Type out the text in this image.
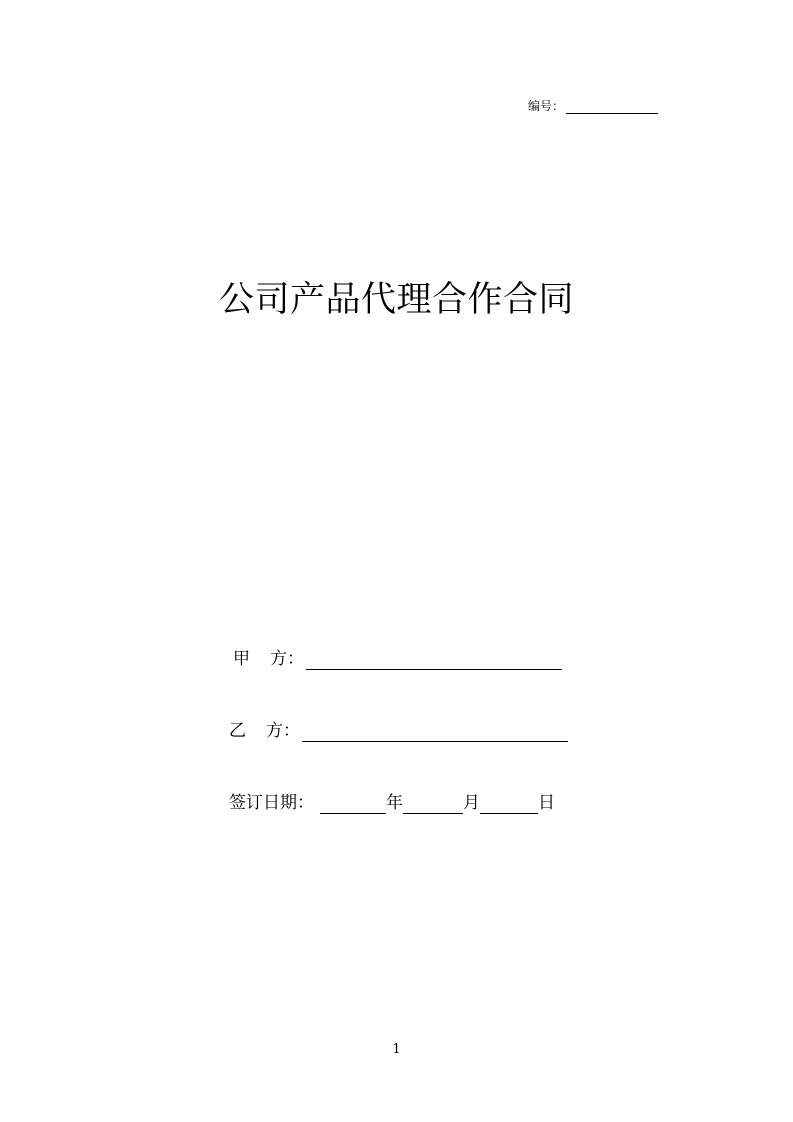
编号：
公司产品代理合作合同
甲 方：
乙 方：
签订日期：	年	月	日
1
